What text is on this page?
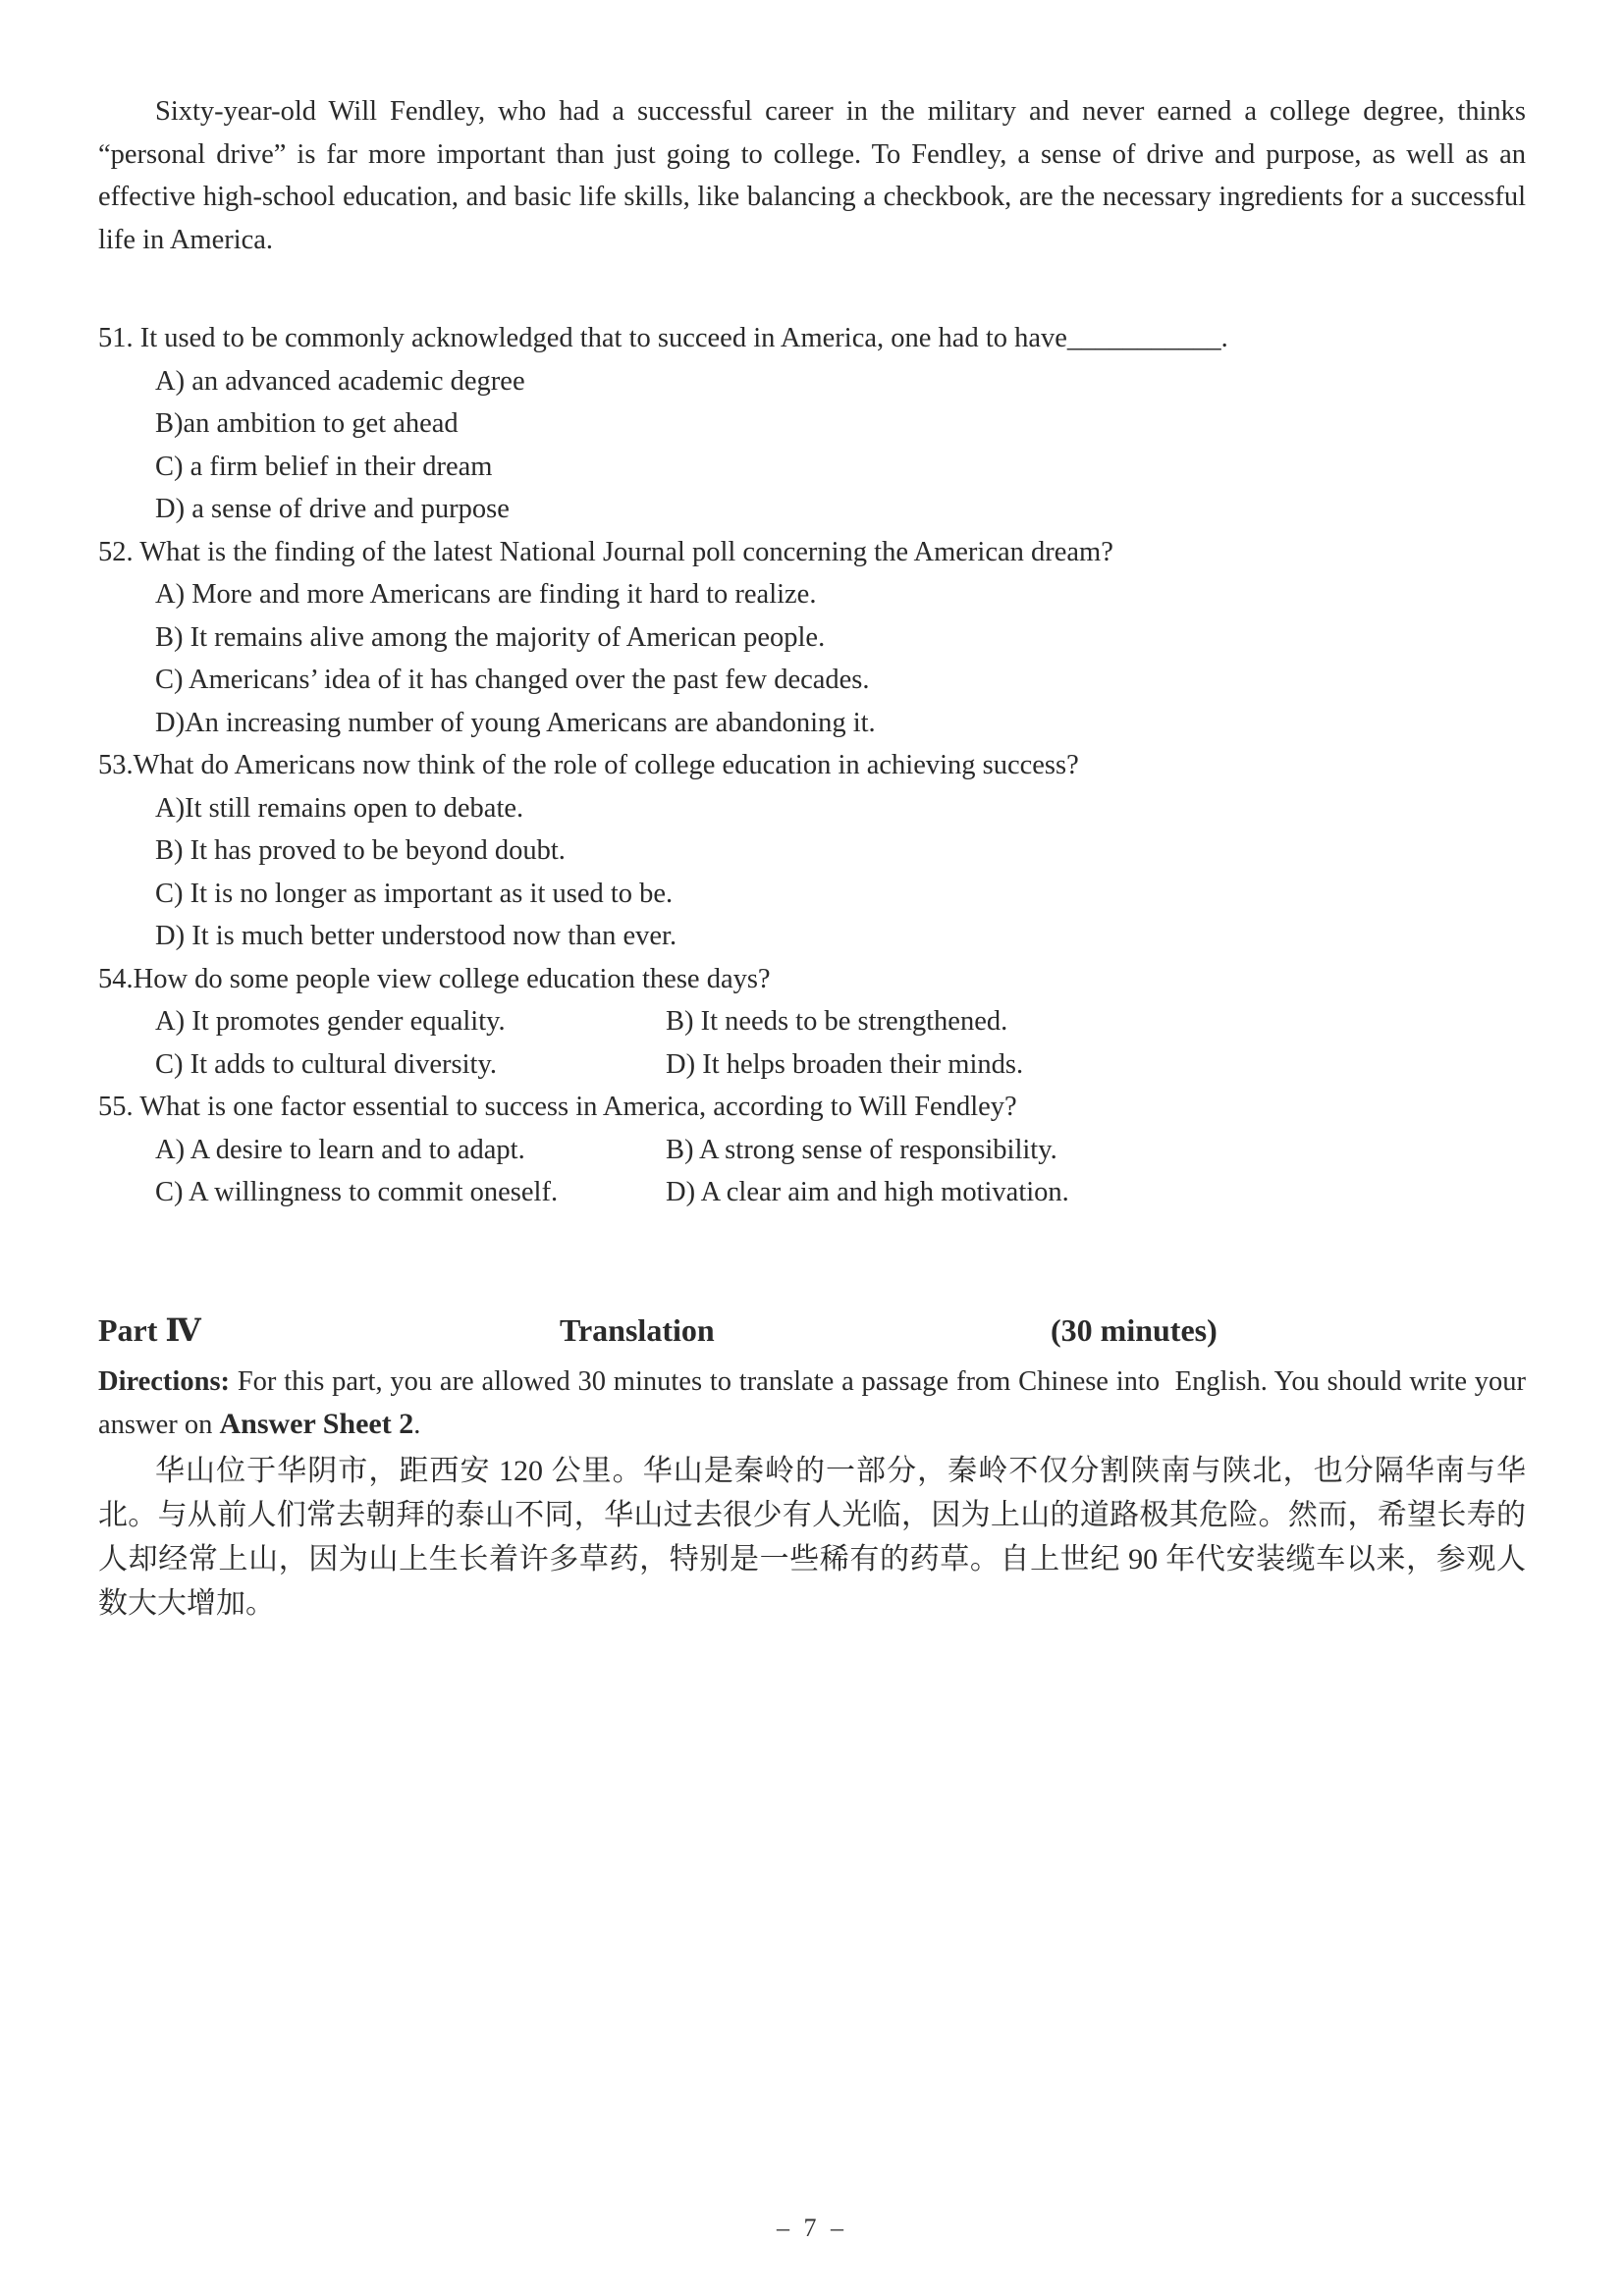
Sixty-year-old Will Fendley, who had a successful career in the military and never earned a college degree, thinks “personal drive” is far more important than just going to college. To Fendley, a sense of drive and purpose, as well as an effective high-school education, and basic life skills, like balancing a checkbook, are the necessary ingredients for a successful life in America.
51. It used to be commonly acknowledged that to succeed in America, one had to have___________.
A) an advanced academic degree
B)an ambition to get ahead
C) a firm belief in their dream
D) a sense of drive and purpose
52. What is the finding of the latest National Journal poll concerning the American dream?
A) More and more Americans are finding it hard to realize.
B) It remains alive among the majority of American people.
C) Americans’ idea of it has changed over the past few decades.
D)An increasing number of young Americans are abandoning it.
53.What do Americans now think of the role of college education in achieving success?
A)It still remains open to debate.
B) It has proved to be beyond doubt.
C) It is no longer as important as it used to be.
D) It is much better understood now than ever.
54.How do some people view college education these days?
A) It promotes gender equality.	B) It needs to be strengthened.
C) It adds to cultural diversity.	D) It helps broaden their minds.
55. What is one factor essential to success in America, according to Will Fendley?
A) A desire to learn and to adapt.	B) A strong sense of responsibility.
C) A willingness to commit oneself.	D) A clear aim and high motivation.
Part Ⅳ	Translation	(30 minutes)
Directions: For this part, you are allowed 30 minutes to translate a passage from Chinese into  English. You should write your answer on Answer Sheet 2.
华山位于华阴市，距西安 120 公里。华山是秦岭的一部分，秦岭不仅分割陕南与陕北，也分隔华南与华北。与从前人们常去朝拜的泰山不同，华山过去很少有人光临，因为上山的道路极其危险。然而，希望长寿的人却经常上山，因为山上生长着许多草药，特别是一些稀有的药草。自上世纪 90 年代安装缆车以来，参观人数大大增加。
– 7 –
